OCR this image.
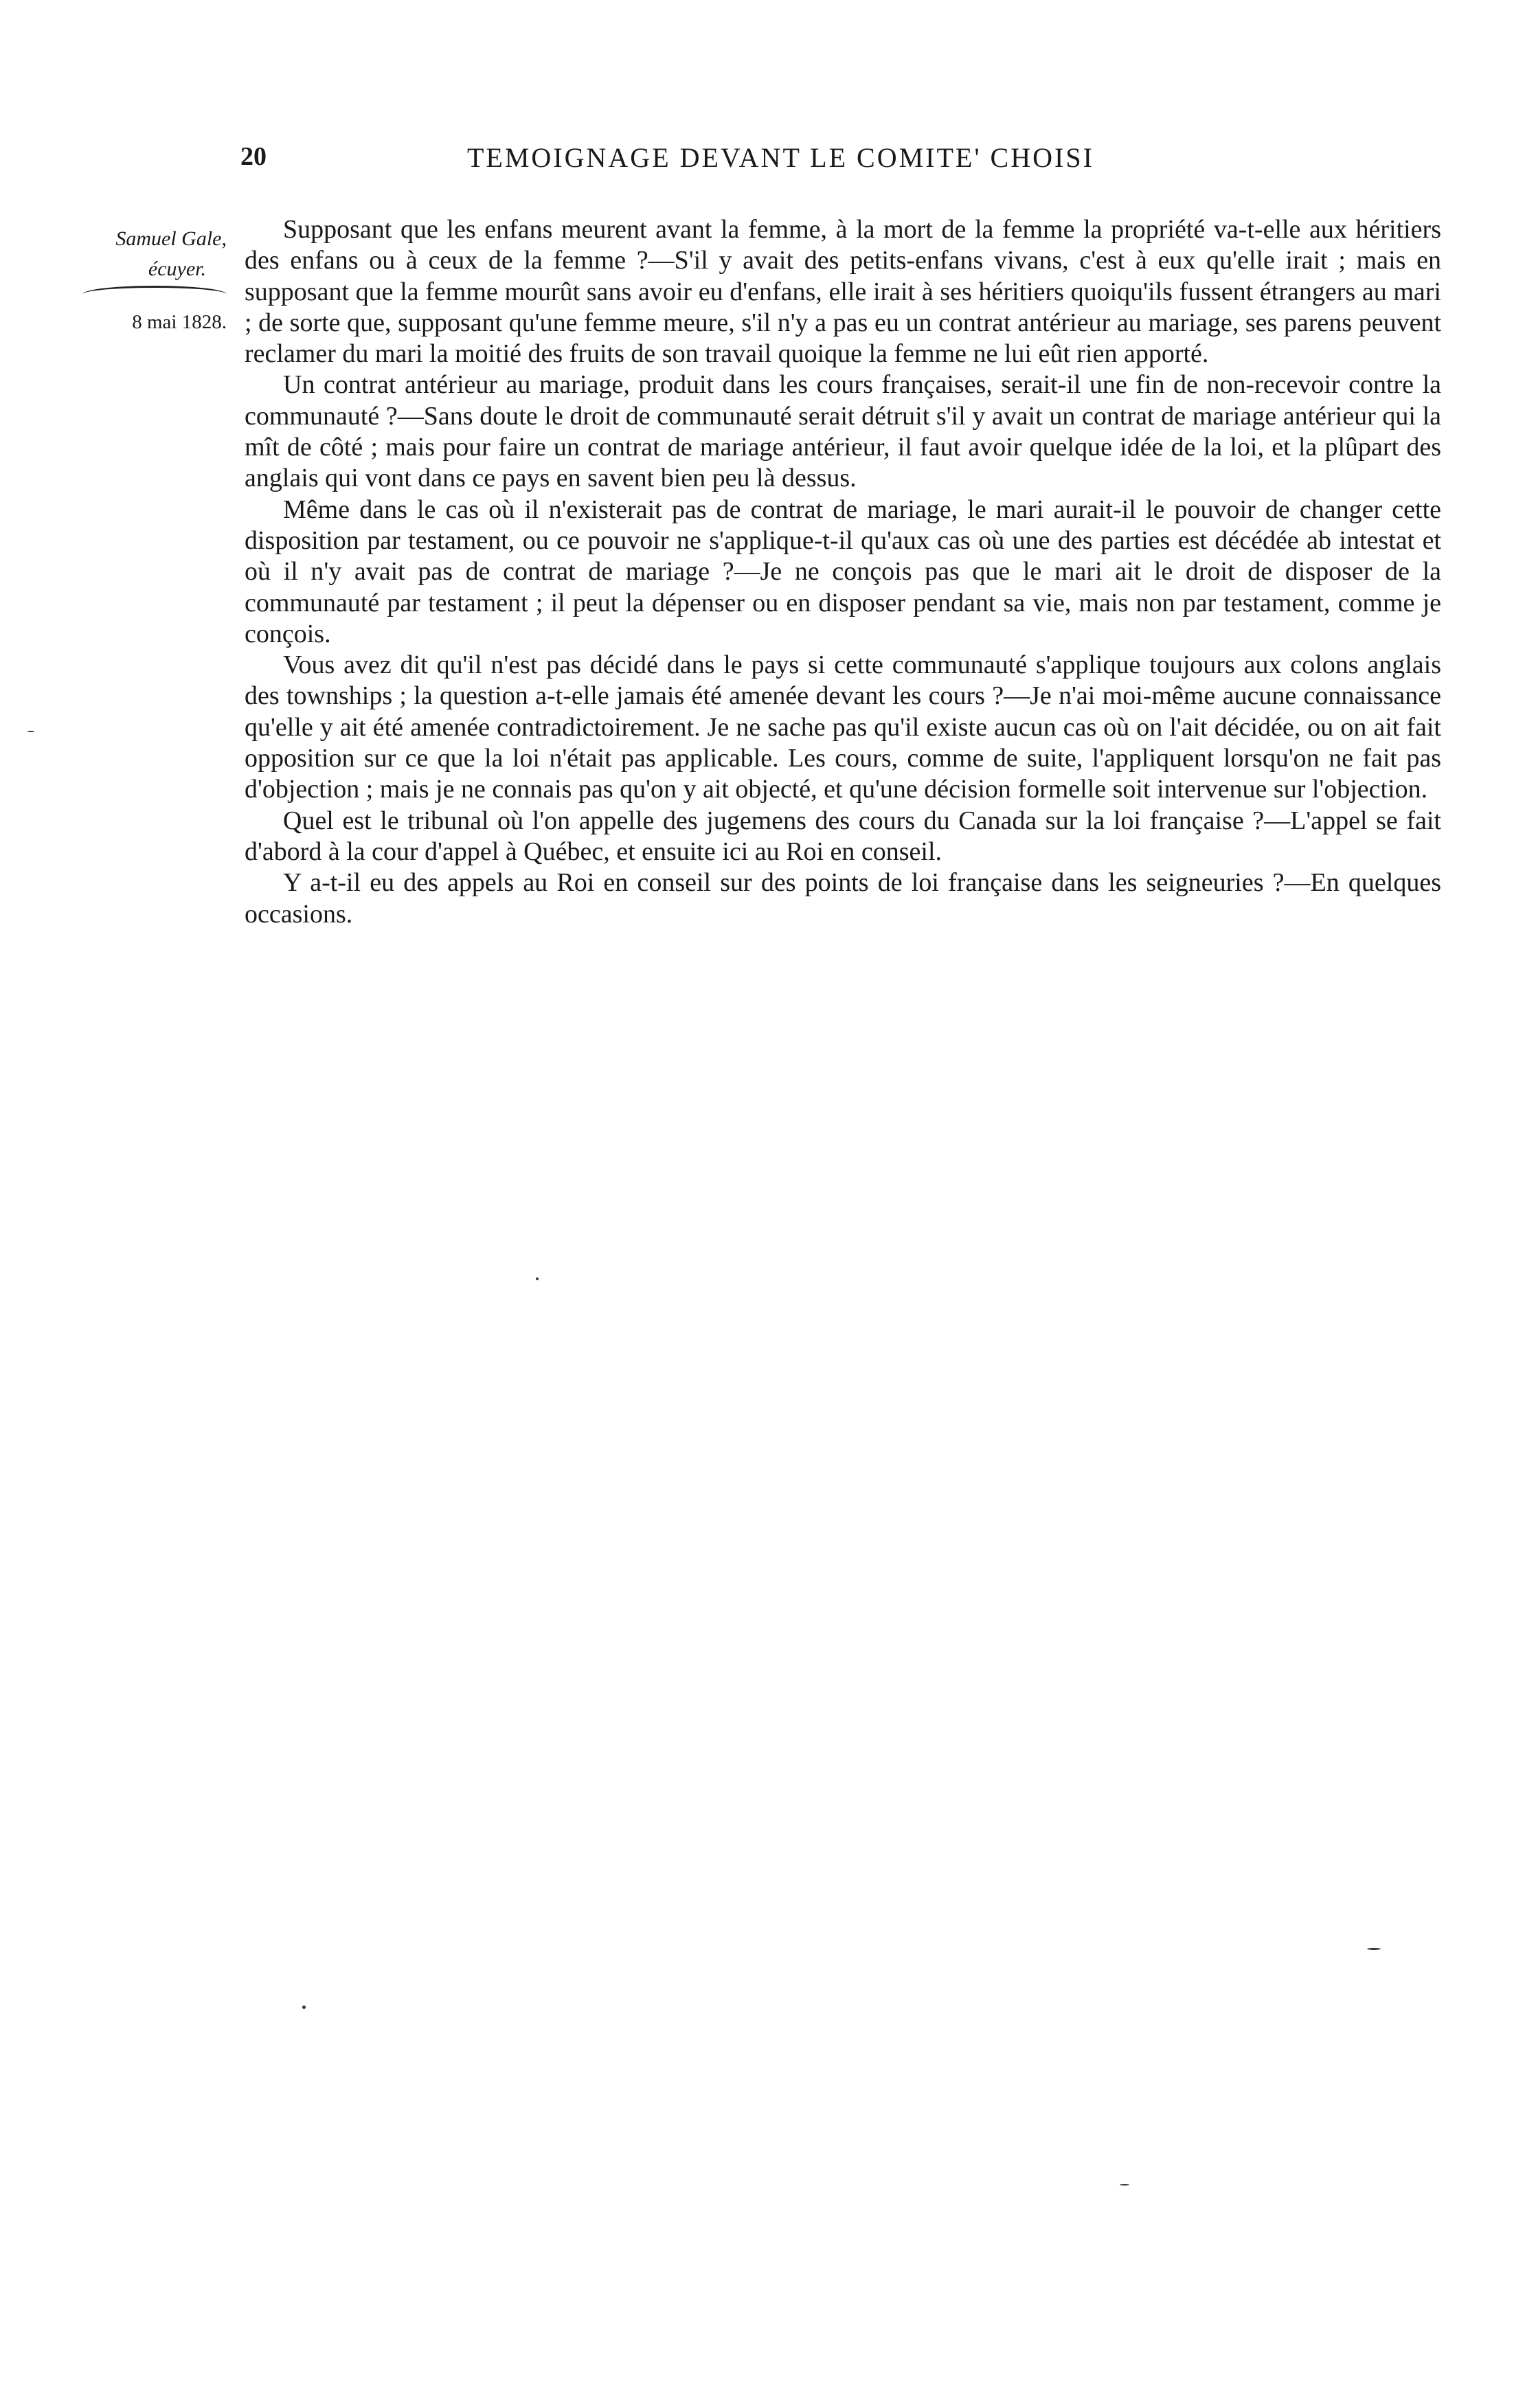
20	TEMOIGNAGE DEVANT LE COMITE' CHOISI
Samuel Gale,
écuyer.
8 mai 1828.

Supposant que les enfans meurent avant la femme, à la mort de la femme la propriété va-t-elle aux héritiers des enfans ou à ceux de la femme ?—S'il y avait des petits-enfans vivans, c'est à eux qu'elle irait ; mais en supposant que la femme mourût sans avoir eu d'enfans, elle irait à ses héritiers quoiqu'ils fussent étrangers au mari ; de sorte que, supposant qu'une femme meure, s'il n'y a pas eu un contrat antérieur au mariage, ses parens peuvent reclamer du mari la moitié des fruits de son travail quoique la femme ne lui eût rien apporté.

Un contrat antérieur au mariage, produit dans les cours françaises, serait-il une fin de non-recevoir contre la communauté ?—Sans doute le droit de communauté serait détruit s'il y avait un contrat de mariage antérieur qui la mît de côté ; mais pour faire un contrat de mariage antérieur, il faut avoir quelque idée de la loi, et la plûpart des anglais qui vont dans ce pays en savent bien peu là dessus.

Même dans le cas où il n'existerait pas de contrat de mariage, le mari aurait-il le pouvoir de changer cette disposition par testament, ou ce pouvoir ne s'applique-t-il qu'aux cas où une des parties est décédée ab intestat et où il n'y avait pas de contrat de mariage ?—Je ne conçois pas que le mari ait le droit de disposer de la communauté par testament ; il peut la dépenser ou en disposer pendant sa vie, mais non par testament, comme je conçois.

Vous avez dit qu'il n'est pas décidé dans le pays si cette communauté s'applique toujours aux colons anglais des townships ; la question a-t-elle jamais été amenée devant les cours ?—Je n'ai moi-même aucune connaissance qu'elle y ait été amenée contradictoirement. Je ne sache pas qu'il existe aucun cas où on l'ait décidée, ou on ait fait opposition sur ce que la loi n'était pas applicable. Les cours, comme de suite, l'appliquent lorsqu'on ne fait pas d'objection ; mais je ne connais pas qu'on y ait objecté, et qu'une décision formelle soit intervenue sur l'objection.

Quel est le tribunal où l'on appelle des jugemens des cours du Canada sur la loi française ?—L'appel se fait d'abord à la cour d'appel à Québec, et ensuite ici au Roi en conseil.

Y a-t-il eu des appels au Roi en conseil sur des points de loi française dans les seigneuries ?—En quelques occasions.
